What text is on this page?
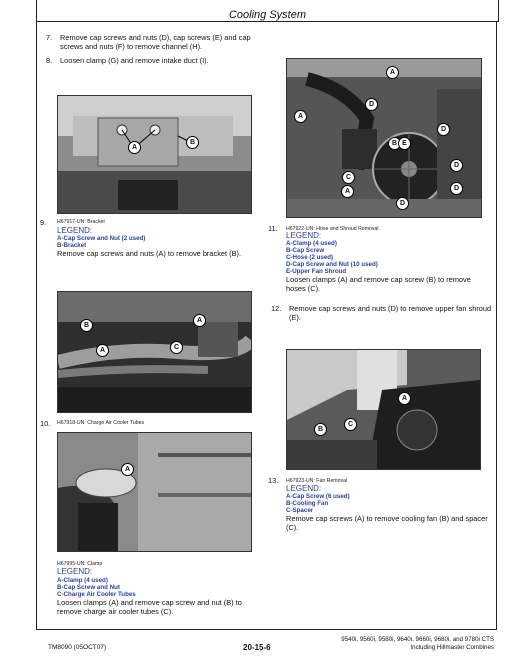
Cooling System
7. Remove cap screws and nuts (D), cap screws (E) and cap screws and nuts (F) to remove channel (H).
8. Loosen clamp (G) and remove intake duct (I).
A
B
9. H67917-UN: Bracket
LEGEND:
A-Cap Screw and Nut (2 used)
B-Bracket
Remove cap screws and nuts (A) to remove bracket (B).
B
A
C
A
10. H67918-UN: Charge Air Cooler Tubes
A
H67995-UN: Clamp
LEGEND:
A-Clamp (4 used)
B-Cap Screw and Nut
C-Charge Air Cooler Tubes
Loosen clamps (A) and remove cap screw and nut (B) to remove charge air cooler tubes (C).
A
D
A
B E
D
C
A
D
D
D
11. H67922-UN: Hose and Shroud Removal
LEGEND:
A-Clamp (4 used)
B-Cap Screw
C-Hose (2 used)
D-Cap Screw and Nut (10 used)
E-Upper Fan Shroud
Loosen clamps (A) and remove cap screw (B) to remove hoses (C).
12. Remove cap screws and nuts (D) to remove upper fan shroud (E).
B
C
A
13. H67923-UN: Fan Removal
LEGEND:
A-Cap Screw (6 used)
B-Cooling Fan
C-Spacer
Remove cap screws (A) to remove cooling fan (B) and spacer (C).
TM8090 (05OCT07)	20-15-6
9540i, 9560i, 9580i, 9640i, 9660i, 9680i, and 9780i CTS
Including Hillmaster Combines
